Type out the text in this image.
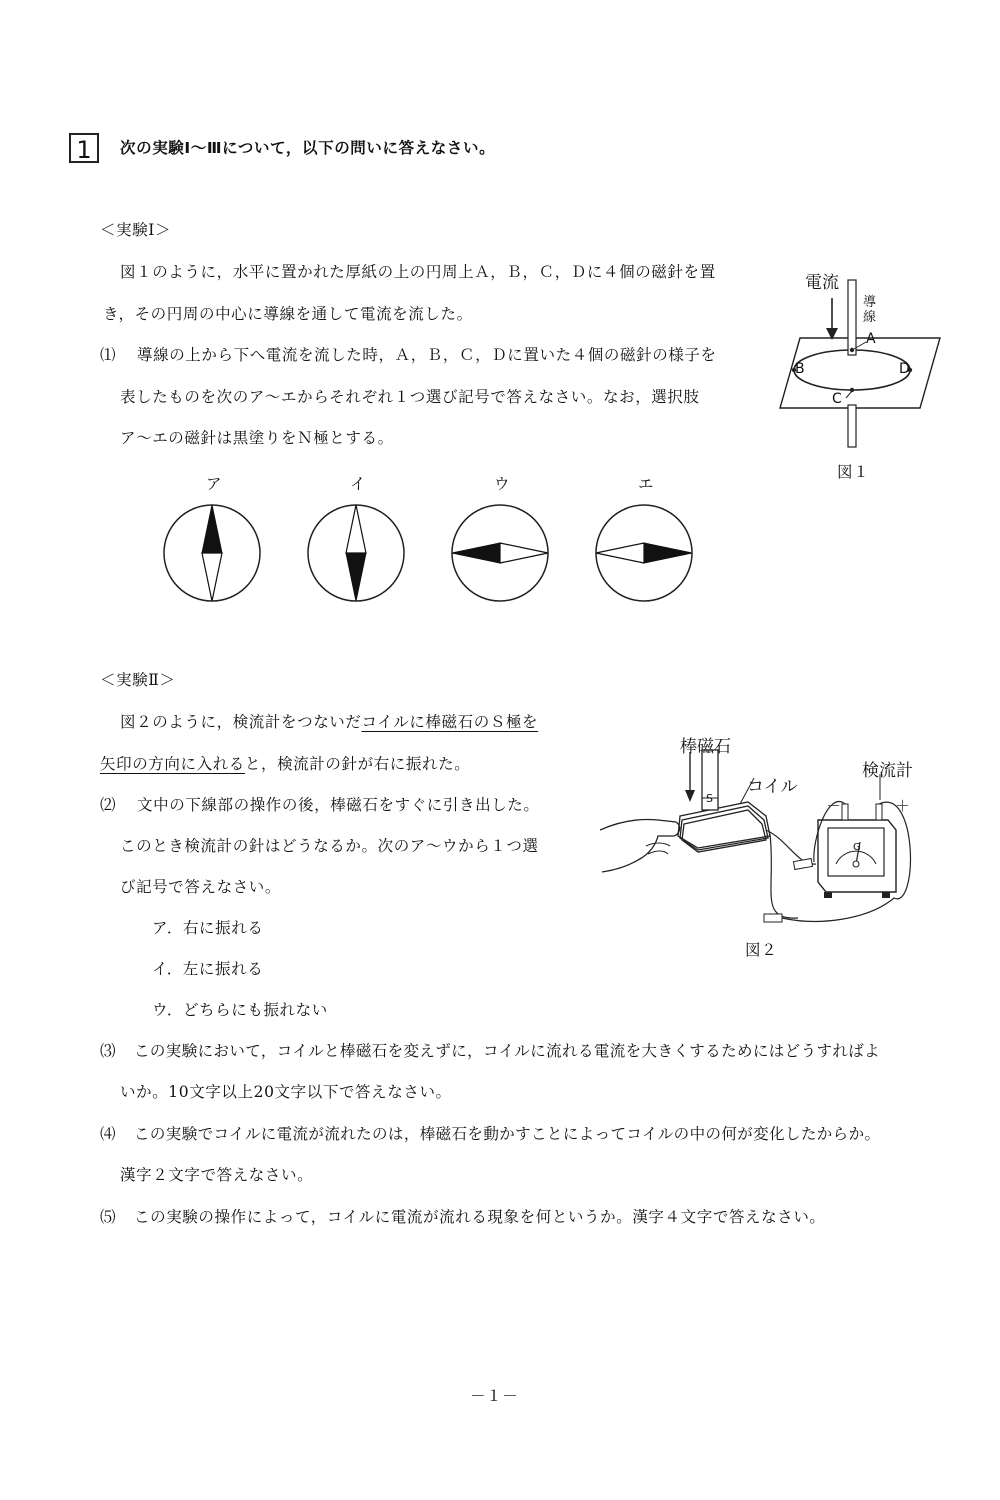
1	次の実験Ⅰ～Ⅲについて，以下の問いに答えなさい。
＜実験Ⅰ＞
図１のように，水平に置かれた厚紙の上の円周上Ａ，Ｂ，Ｃ，Ｄに４個の磁針を置
き，その円周の中心に導線を通して電流を流した。
⑴ 導線の上から下へ電流を流した時，Ａ，Ｂ，Ｃ，Ｄに置いた４個の磁針の様子を
表したものを次のア～エからそれぞれ１つ選び記号で答えなさい。なお，選択肢
ア～エの磁針は黒塗りをＮ極とする。
電流
導線
A
B
C
D
図１
ア	イ	ウ	エ
＜実験Ⅱ＞
図２のように，検流計をつないだコイルに棒磁石のＳ極を
矢印の方向に入れると，検流計の針が右に振れた。
⑵ 文中の下線部の操作の後，棒磁石をすぐに引き出した。
このとき検流計の針はどうなるか。次のア～ウから１つ選
び記号で答えなさい。
ア．右に振れる
イ．左に振れる
ウ．どちらにも振れない
棒磁石
コイル
検流計
S	－	＋
G
図２
⑶ この実験において，コイルと棒磁石を変えずに，コイルに流れる電流を大きくするためにはどうすればよ
いか。10文字以上20文字以下で答えなさい。
⑷ この実験でコイルに電流が流れたのは，棒磁石を動かすことによってコイルの中の何が変化したからか。
漢字２文字で答えなさい。
⑸ この実験の操作によって，コイルに電流が流れる現象を何というか。漢字４文字で答えなさい。
－１－
